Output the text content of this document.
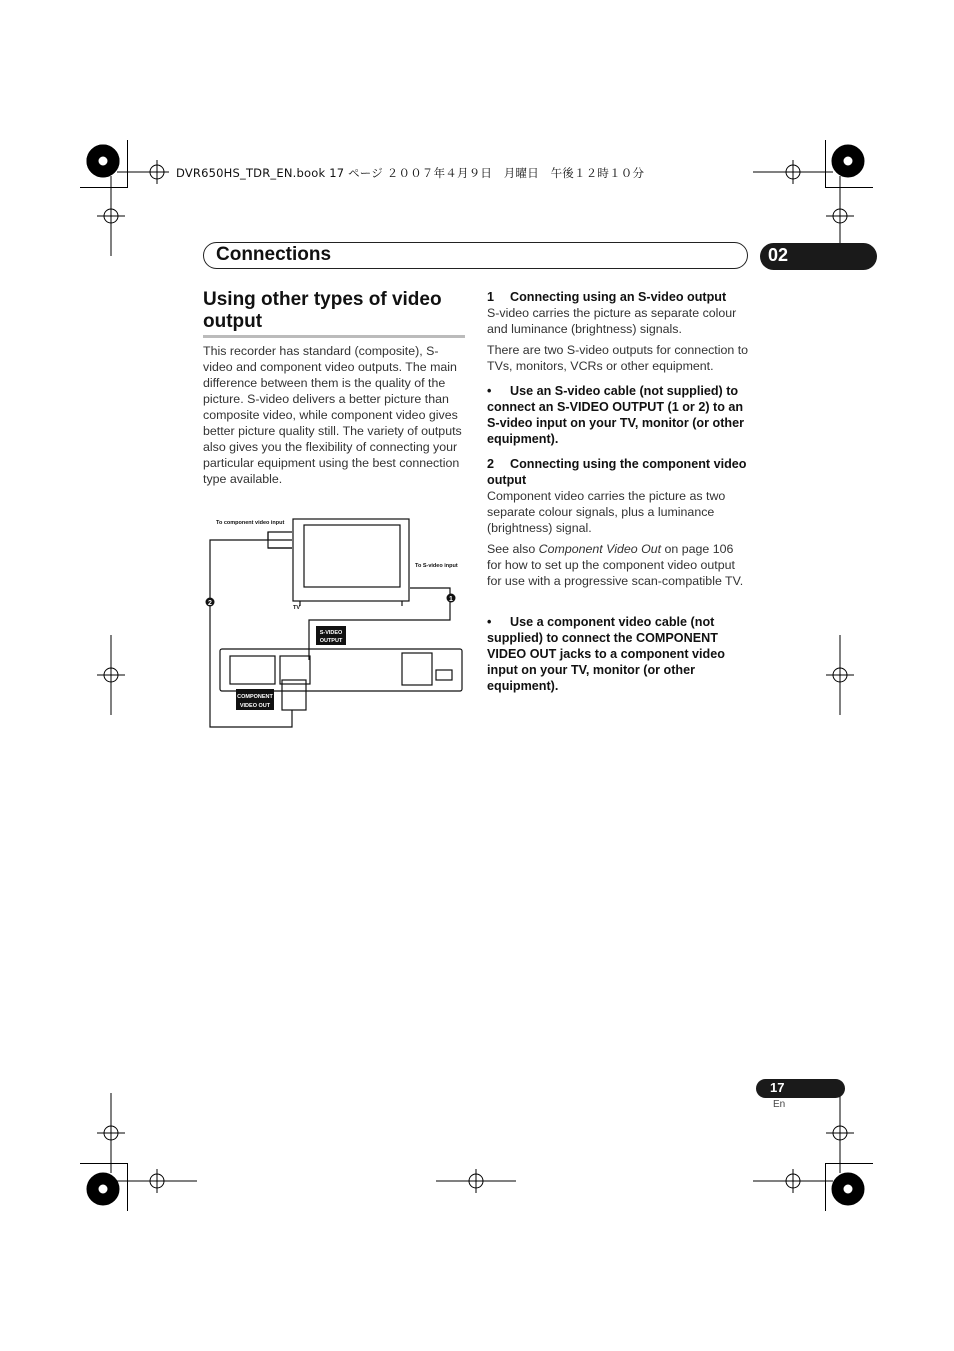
DVR650HS_TDR_EN.book 17 ページ ２００７年４月９日　月曜日　午後１２時１０分
Connections	02
Using other types of video output
This recorder has standard (composite), S-video and component video outputs. The main difference between them is the quality of the picture. S-video delivers a better picture than composite video, while component video gives better picture quality still. The variety of outputs also gives you the flexibility of connecting your particular equipment using the best connection type available.
2
1
To component video input
To S-video input
TV
S-VIDEO
OUTPUT
COMPONENT
VIDEO OUT
1 Connecting using an S-video output
S-video carries the picture as separate colour and luminance (brightness) signals.
There are two S-video outputs for connection to TVs, monitors, VCRs or other equipment.
• Use an S-video cable (not supplied) to connect an S-VIDEO OUTPUT (1 or 2) to an S-video input on your TV, monitor (or other equipment).
2 Connecting using the component video output
Component video carries the picture as two separate colour signals, plus a luminance (brightness) signal.
See also Component Video Out on page 106 for how to set up the component video output for use with a progressive scan-compatible TV.
• Use a component video cable (not supplied) to connect the COMPONENT VIDEO OUT jacks to a component video input on your TV, monitor (or other equipment).
17
En
